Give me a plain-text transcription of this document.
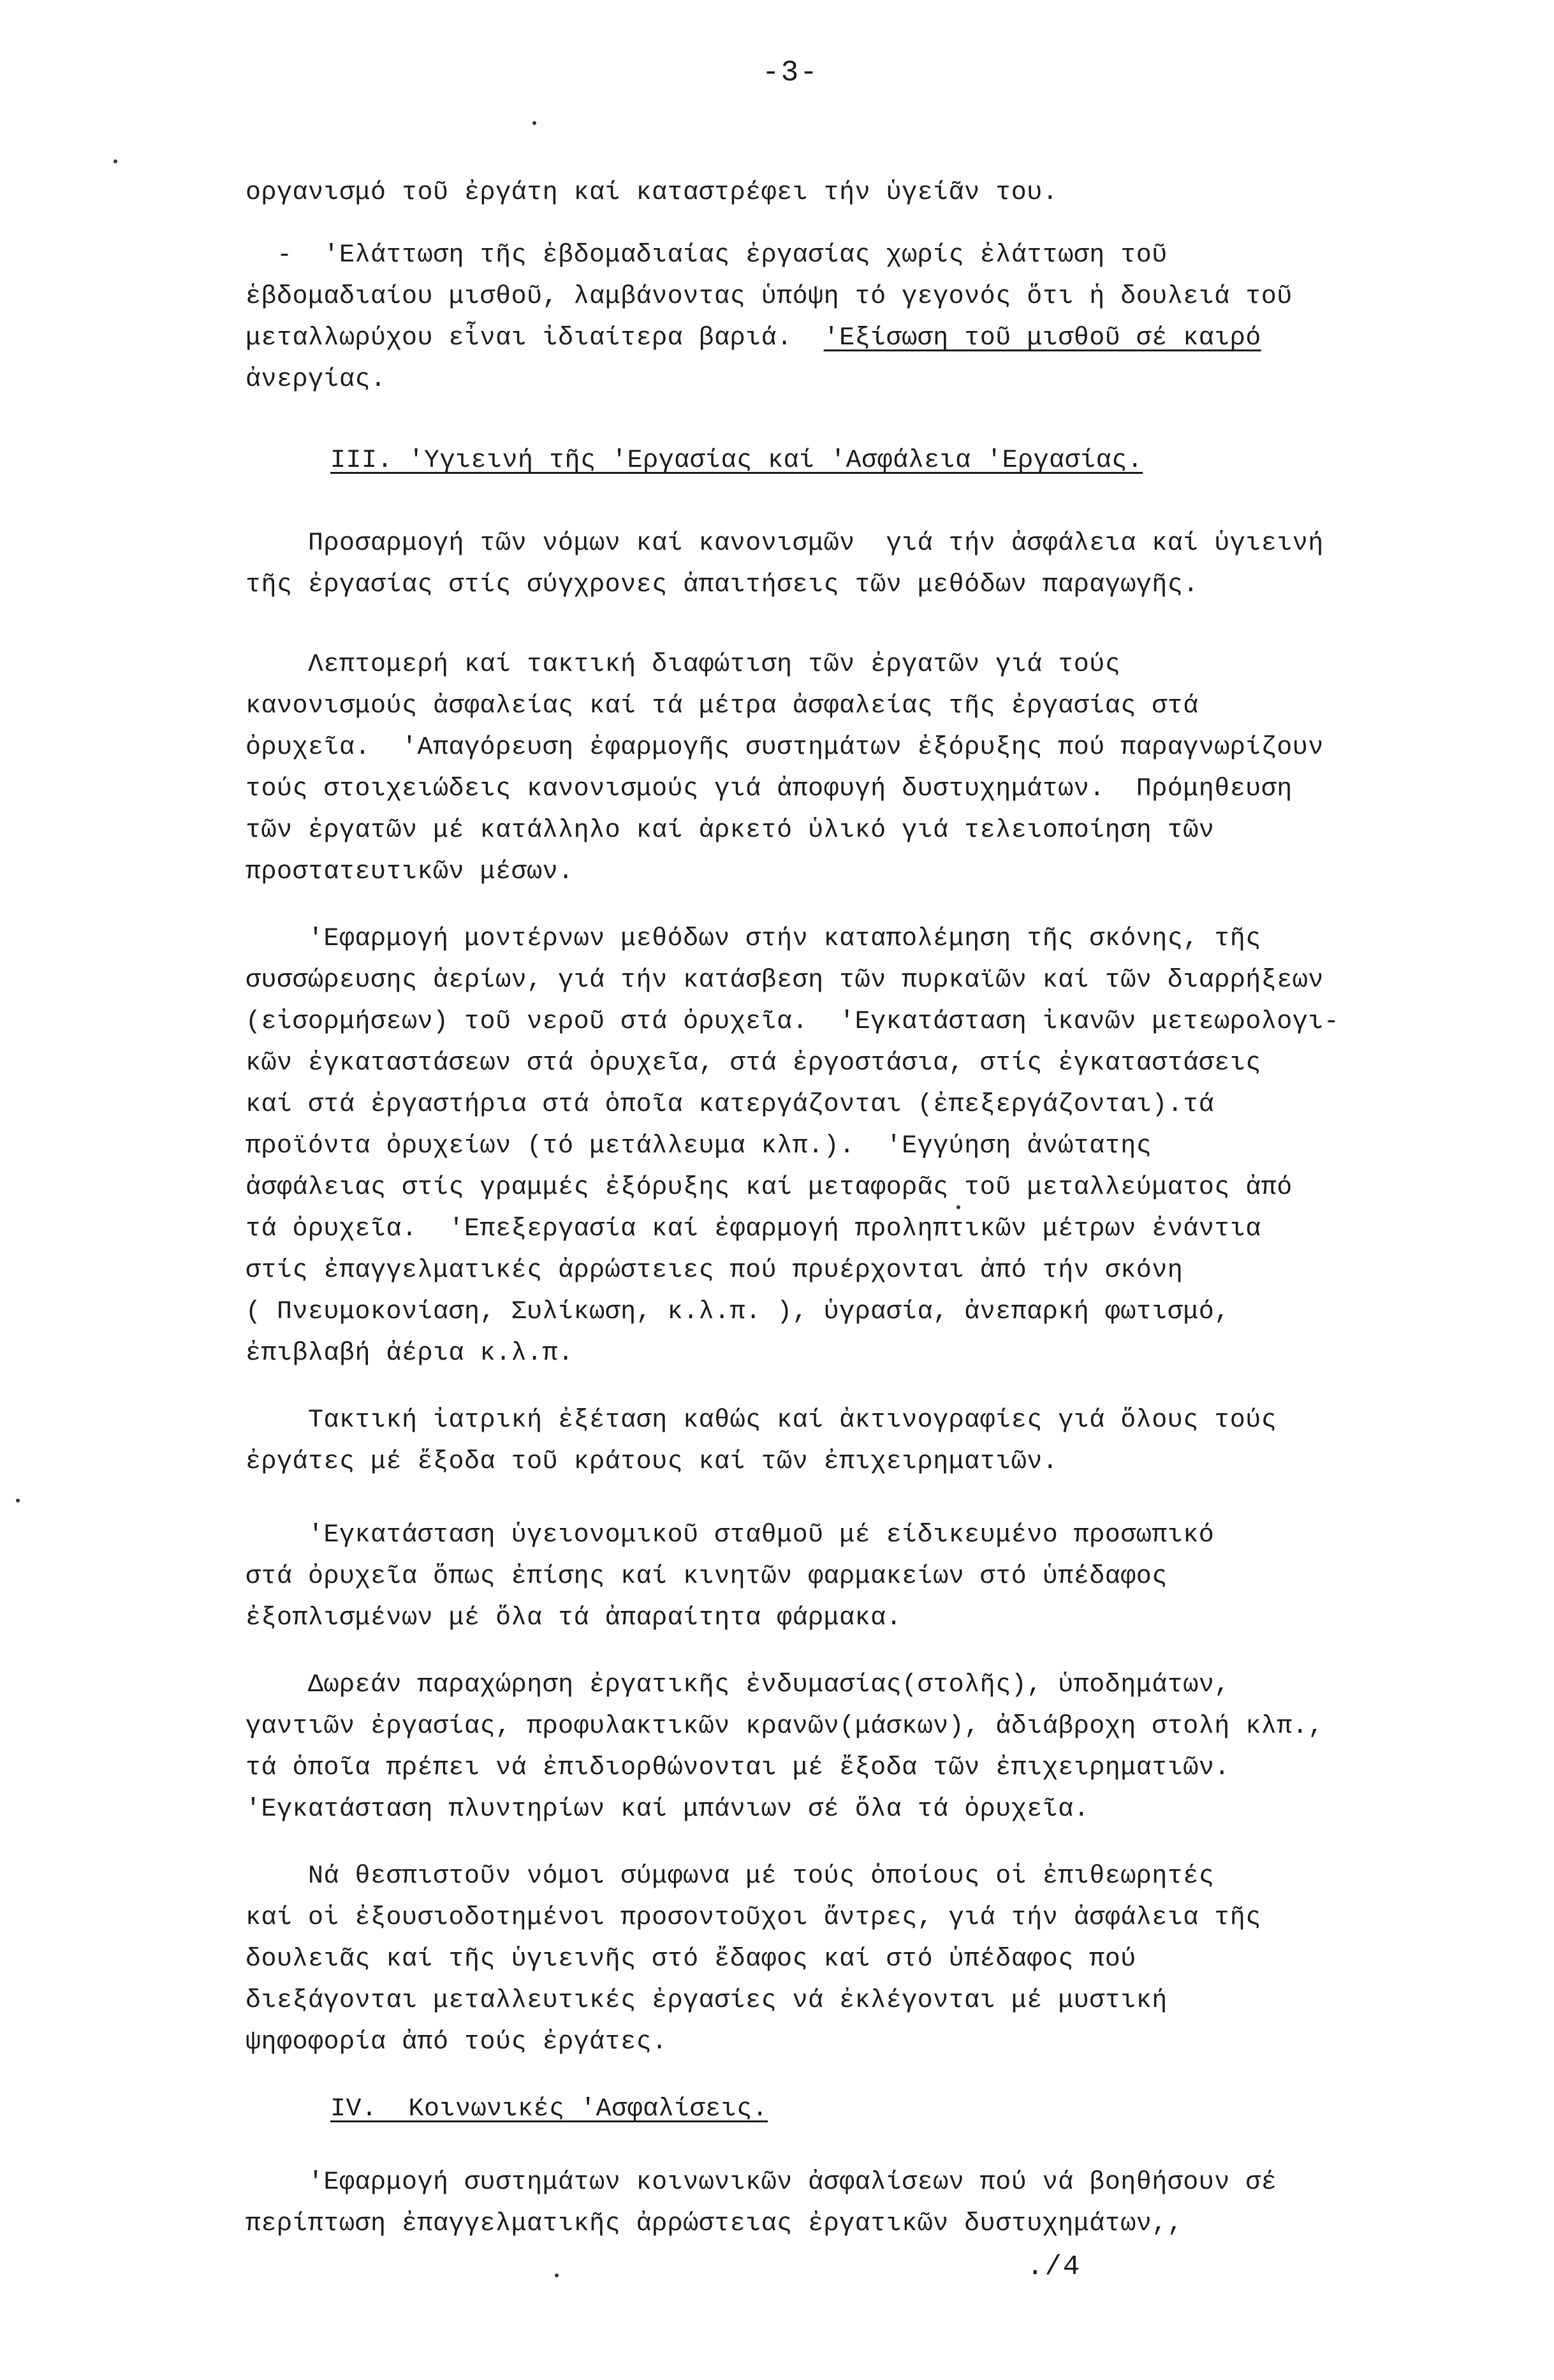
-3-
οργανισμό τοῦ ἐργάτη καί καταστρέφει τήν ὑγείᾶν του.
-  'Ελάττωση τῆς ἑβδομαδιαίας ἐργασίας χωρίς ἐλάττωση τοῦ
ἑβδομαδιαίου μισθοῦ, λαμβάνοντας ὑπόψη τό γεγονός ὅτι ἡ δουλειά τοῦ
μεταλλωρύχου εἶναι ἰδιαίτερα βαριά.  'Εξίσωση τοῦ μισθοῦ σέ καιρό
ἀνεργίας.
III. 'Υγιεινή τῆς 'Εργασίας καί 'Ασφάλεια 'Εργασίας.
Προσαρμογή τῶν νόμων καί κανονισμῶν  γιά τήν ἀσφάλεια καί ὑγιεινή
τῆς ἐργασίας στίς σύγχρονες ἀπαιτήσεις τῶν μεθόδων παραγωγῆς.
Λεπτομερή καί τακτική διαφώτιση τῶν ἐργατῶν γιά τούς
κανονισμούς ἀσφαλείας καί τά μέτρα ἀσφαλείας τῆς ἐργασίας στά
ὀρυχεῖα.  'Απαγόρευση ἐφαρμογῆς συστημάτων ἐξόρυξης πού παραγνωρίζουν
τούς στοιχειώδεις κανονισμούς γιά ἀποφυγή δυστυχημάτων.  Πρόμηθευση
τῶν ἐργατῶν μέ κατάλληλο καί ἀρκετό ὑλικό γιά τελειοποίηση τῶν
προστατευτικῶν μέσων.
'Εφαρμογή μοντέρνων μεθόδων στήν καταπολέμηση τῆς σκόνης, τῆς
συσσώρευσης ἀερίων, γιά τήν κατάσβεση τῶν πυρκαϊῶν καί τῶν διαρρήξεων
(εἰσορμήσεων) τοῦ νεροῦ στά ὀρυχεῖα.  'Εγκατάσταση ἰκανῶν μετεωρολογι-
κῶν ἐγκαταστάσεων στά ὀρυχεῖα, στά ἐργοστάσια, στίς ἐγκαταστάσεις
καί στά ἐργαστήρια στά ὁποῖα κατεργάζονται (ἐπεξεργάζονται).τά
προϊόντα ὀρυχείων (τό μετάλλευμα κλπ.).  'Εγγύηση ἀνώτατης
ἀσφάλειας στίς γραμμές ἐξόρυξης καί μεταφορᾶς τοῦ μεταλλεύματος ἀπό
τά ὀρυχεῖα.  'Επεξεργασία καί ἐφαρμογή προληπτικῶν μέτρων ἐνάντια
στίς ἐπαγγελματικές ἀρρώστειες πού πρυέρχονται ἀπό τήν σκόνη
( Πνευμοκονίαση, Συλίκωση, κ.λ.π. ), ὑγρασία, ἀνεπαρκή φωτισμό,
ἐπιβλαβή ἀέρια κ.λ.π.
Τακτική ἰατρική ἐξέταση καθώς καί ἀκτινογραφίες γιά ὅλους τούς
ἐργάτες μέ ἔξοδα τοῦ κράτους καί τῶν ἐπιχειρηματιῶν.
'Εγκατάσταση ὑγειονομικοῦ σταθμοῦ μέ είδικευμένο προσωπικό
στά ὀρυχεῖα ὅπως ἐπίσης καί κινητῶν φαρμακείων στό ὑπέδαφος
ἐξοπλισμένων μέ ὅλα τά ἀπαραίτητα φάρμακα.
Δωρεάν παραχώρηση ἐργατικῆς ἐνδυμασίας(στολῆς), ὑποδημάτων,
γαντιῶν ἐργασίας, προφυλακτικῶν κρανῶν(μάσκων), ἀδιάβροχη στολή κλπ.,
τά ὁποῖα πρέπει νά ἐπιδιορθώνονται μέ ἔξοδα τῶν ἐπιχειρηματιῶν.
'Εγκατάσταση πλυντηρίων καί μπάνιων σέ ὅλα τά ὀρυχεῖα.
Νά θεσπιστοῦν νόμοι σύμφωνα μέ τούς ὁποίους οἱ ἐπιθεωρητές
καί οἱ ἐξουσιοδοτημένοι προσοντοῦχοι ἄντρες, γιά τήν ἀσφάλεια τῆς
δουλειᾶς καί τῆς ὑγιεινῆς στό ἔδαφος καί στό ὑπέδαφος πού
διεξάγονται μεταλλευτικές ἐργασίες νά ἐκλέγονται μέ μυστική
ψηφοφορία ἀπό τούς ἐργάτες.
IV.  Κοινωνικές 'Ασφαλίσεις.
'Εφαρμογή συστημάτων κοινωνικῶν ἀσφαλίσεων πού νά βοηθήσουν σέ
περίπτωση ἐπαγγελματικῆς ἀρρώστειας ἐργατικῶν δυστυχημάτων,,
./4
